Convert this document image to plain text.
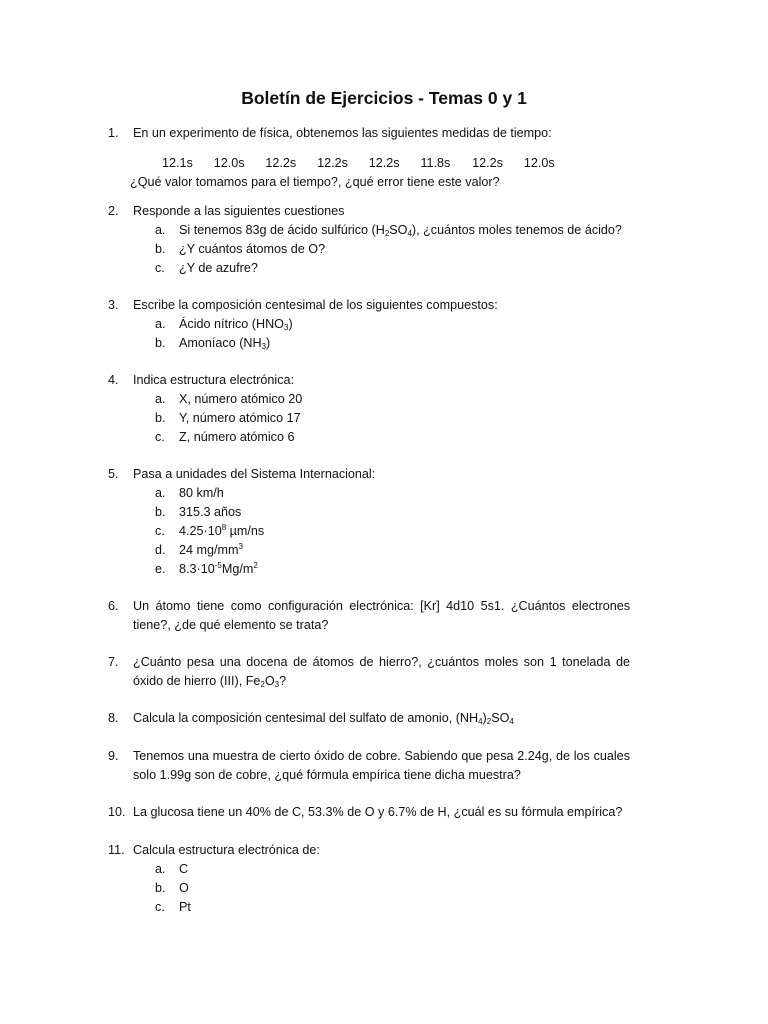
Boletín de Ejercicios - Temas 0 y 1
1. En un experimento de física, obtenemos las siguientes medidas de tiempo:
12.1s 12.0s 12.2s 12.2s 12.2s 11.8s 12.2s 12.0s
¿Qué valor tomamos para el tiempo?, ¿qué error tiene este valor?
2. Responde a las siguientes cuestiones
a. Si tenemos 83g de ácido sulfúrico $(H_2SO_4)$, ¿cuántos moles tenemos de ácido?
b. ¿Y cuántos átomos de O?
c. ¿Y de azufre?
3. Escribe la composición centesimal de los siguientes compuestos:
a. Ácido nítrico $(HNO_3)$
b. Amoníaco $(NH_3)$
4. Indica estructura electrónica:
a. X, número atómico 20
b. Y, número atómico 17
c. Z, número atómico 6
5. Pasa a unidades del Sistema Internacional:
a. 80 km/h
b. 315.3 años
c. $4.25\cdot 10^8$ µm/ns
d. 24 $mg/mm^3$
e. $8.3\cdot 10^{-5}Mg/m^2$
6. Un átomo tiene como configuración electrónica: [Kr] 4d10 5s1. ¿Cuántos electrones tiene?, ¿de qué elemento se trata?
7. ¿Cuánto pesa una docena de átomos de hierro?, ¿cuántos moles son 1 tonelada de óxido de hierro (III), $Fe_2O_3$?
8. Calcula la composición centesimal del sulfato de amonio, $(NH_4)_2SO_4$
9. Tenemos una muestra de cierto óxido de cobre. Sabiendo que pesa 2.24g, de los cuales solo 1.99g son de cobre, ¿qué fórmula empírica tiene dicha muestra?
10. La glucosa tiene un 40% de C, 53.3% de O y 6.7% de H, ¿cuál es su fórmula empírica?
11. Calcula estructura electrónica de:
a. C
b. O
c. Pt
